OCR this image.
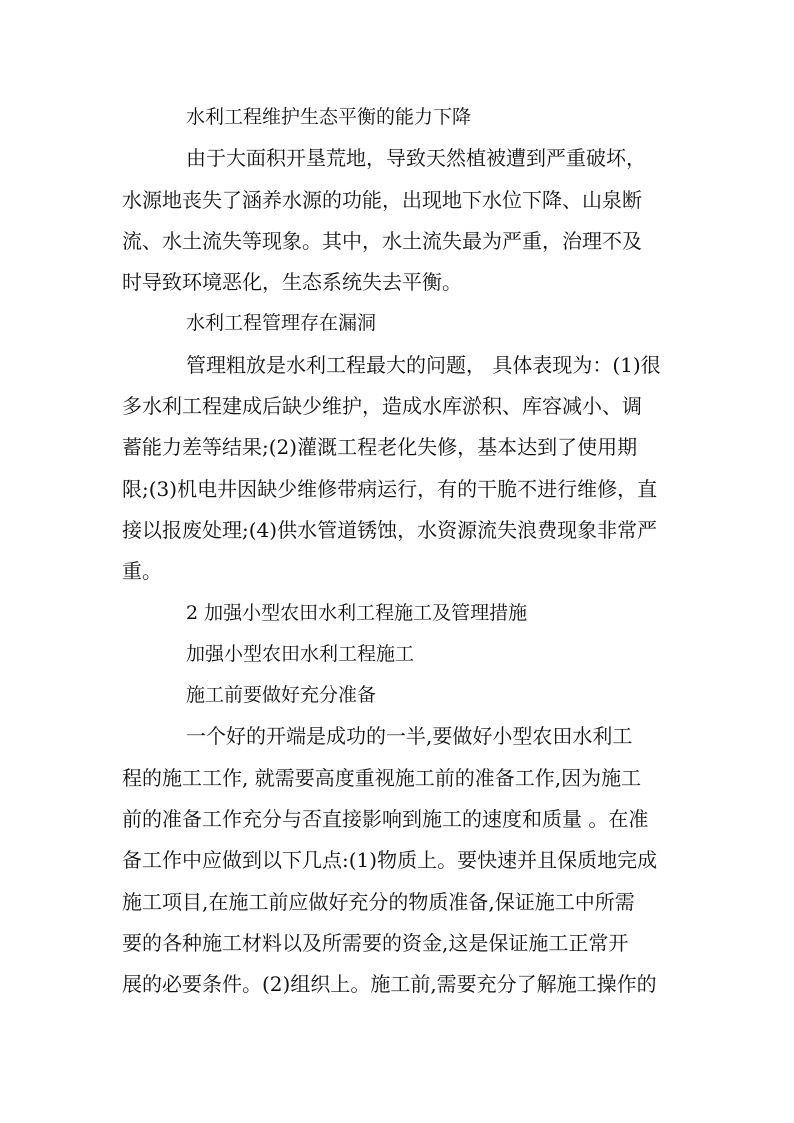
水利工程维护生态平衡的能力下降
由于大面积开垦荒地，导致天然植被遭到严重破坏，
水源地丧失了涵养水源的功能，出现地下水位下降、山泉断
流、水土流失等现象。其中，水土流失最为严重，治理不及
时导致环境恶化，生态系统失去平衡。
水利工程管理存在漏洞
管理粗放是水利工程最大的问题， 具体表现为：(1)很
多水利工程建成后缺少维护，造成水库淤积、库容减小、调
蓄能力差等结果;(2)灌溉工程老化失修，基本达到了使用期
限;(3)机电井因缺少维修带病运行，有的干脆不进行维修，直
接以报废处理;(4)供水管道锈蚀，水资源流失浪费现象非常严
重。
2 加强小型农田水利工程施工及管理措施
加强小型农田水利工程施工
施工前要做好充分准备
一个好的开端是成功的一半,要做好小型农田水利工
程的施工工作, 就需要高度重视施工前的准备工作,因为施工
前的准备工作充分与否直接影响到施工的速度和质量 。在准
备工作中应做到以下几点:(1)物质上。要快速并且保质地完成
施工项目,在施工前应做好充分的物质准备,保证施工中所需
要的各种施工材料以及所需要的资金,这是保证施工正常开
展的必要条件。(2)组织上。施工前,需要充分了解施工操作的
